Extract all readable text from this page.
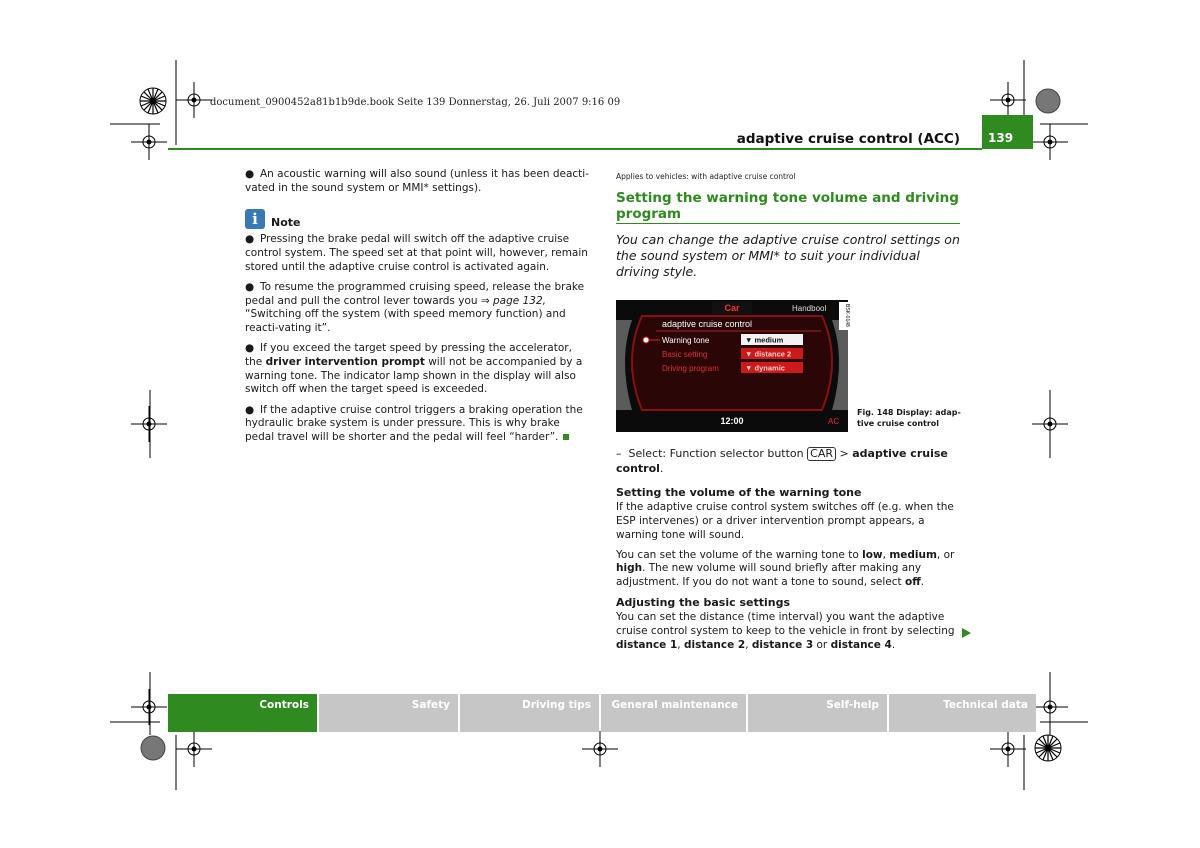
document_0900452a81b1b9de.book Seite 139 Donnerstag, 26. Juli 2007 9:16 09
adaptive cruise control (ACC) 139

● An acoustic warning will also sound (unless it has been deacti-vated in the sound system or MMI* settings).

i	Note

● Pressing the brake pedal will switch off the adaptive cruise control system. The speed set at that point will, however, remain stored until the adaptive cruise control is activated again.

● To resume the programmed cruising speed, release the brake pedal and pull the control lever towards you ⇒ page 132, “Switching off the system (with speed memory function) and reacti-vating it”.

● If you exceed the target speed by pressing the accelerator, the driver intervention prompt will not be accompanied by a warning tone. The indicator lamp shown in the display will also switch off when the target speed is exceeded.

● If the adaptive cruise control triggers a braking operation the hydraulic brake system is under pressure. This is why brake pedal travel will be shorter and the pedal will feel “harder”.

Applies to vehicles: with adaptive cruise control
Setting the warning tone volume and driving program
You can change the adaptive cruise control settings on the sound system or MMI* to suit your individual driving style.
Car	Handbool
adaptive cruise control
Warning tone	▼ medium
Basic setting	▼ distance 2
Driving program	▼ dynamic
12:00	AC
BSK-0148
Fig. 148 Display: adap-tive cruise control
–  Select: Function selector button CAR > adaptive cruise control.
Setting the volume of the warning tone

If the adaptive cruise control system switches off (e.g. when the ESP intervenes) or a driver intervention prompt appears, a warning tone will sound.

You can set the volume of the warning tone to low, medium, or high. The new volume will sound briefly after making any adjustment. If you do not want a tone to sound, select off.

Adjusting the basic settings

You can set the distance (time interval) you want the adaptive cruise control system to keep to the vehicle in front by selecting distance 1, distance 2, distance 3 or distance 4.

Controls	Safety	Driving tips	General maintenance	Self-help	Technical data
